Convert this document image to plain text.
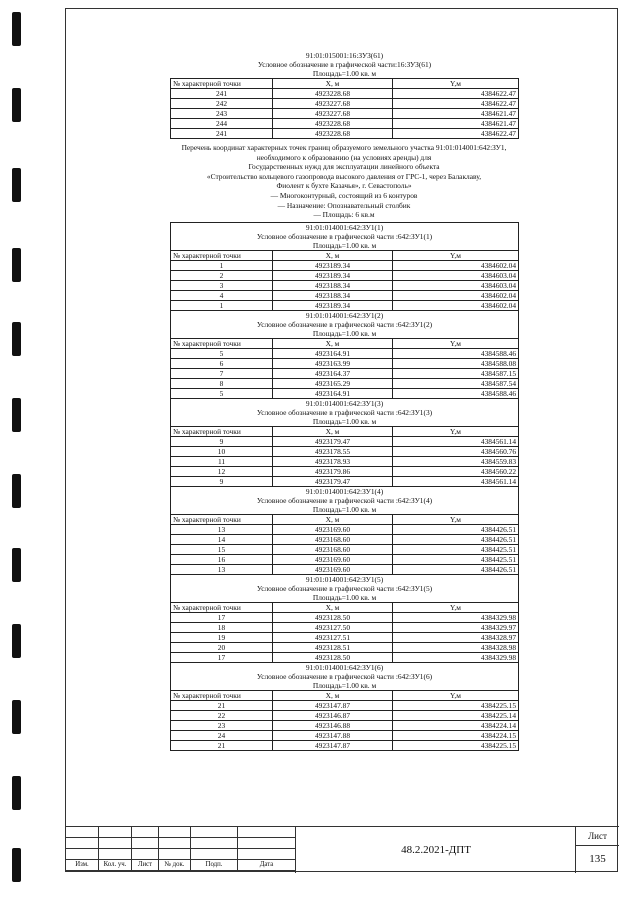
91:01:015001:16:ЗУЗ(61)		
Условное обозначение в графической части:16:ЗУЗ(61)		
Площадь=1.00 кв. м		
№ характерной точки	X, м	Y,м
241	4923228.68	4384622.47
242	4923227.68	4384622.47
243	4923227.68	4384621.47
244	4923228.68	4384621.47
241	4923228.68	4384622.47
Перечень координат характерных точек границ образуемого земельного участка 91:01:014001:642:ЗУ1,
необходимого к образованию (на условиях аренды) для
Государственных нужд для эксплуатации линейного объекта
«Строительство кольцевого газопровода высокого давления от ГРС-1, через Балаклаву,
Фиолент к бухте Казачья», г. Севастополь»
— Многоконтурный, состоящий из 6 контуров
— Назначение: Опознавательный столбик
— Площадь: 6 кв.м
91:01:014001:642:ЗУ1(1)		
Условное обозначение в графической части :642:ЗУ1(1)		
Площадь=1.00 кв. м		
№ характерной точки	X, м	Y,м
1	4923189.34	4384602.04
2	4923189.34	4384603.04
3	4923188.34	4384603.04
4	4923188.34	4384602.04
1	4923189.34	4384602.04
91:01:014001:642:ЗУ1(2)		
Условное обозначение в графической части :642:ЗУ1(2)		
Площадь=1.00 кв. м		
№ характерной точки	X, м	Y,м
5	4923164.91	4384588.46
6	4923163.99	4384588.08
7	4923164.37	4384587.15
8	4923165.29	4384587.54
5	4923164.91	4384588.46
91:01:014001:642:ЗУ1(3)		
Условное обозначение в графической части :642:ЗУ1(3)		
Площадь=1.00 кв. м		
№ характерной точки	X, м	Y,м
9	4923179.47	4384561.14
10	4923178.55	4384560.76
11	4923178.93	4384559.83
12	4923179.86	4384560.22
9	4923179.47	4384561.14
91:01:014001:642:ЗУ1(4)		
Условное обозначение в графической части :642:ЗУ1(4)		
Площадь=1.00 кв. м		
№ характерной точки	X, м	Y,м
13	4923169.60	4384426.51
14	4923168.60	4384426.51
15	4923168.60	4384425.51
16	4923169.60	4384425.51
13	4923169.60	4384426.51
91:01:014001:642:ЗУ1(5)		
Условное обозначение в графической части :642:ЗУ1(5)		
Площадь=1.00 кв. м		
№ характерной точки	X, м	Y,м
17	4923128.50	4384329.98
18	4923127.50	4384329.97
19	4923127.51	4384328.97
20	4923128.51	4384328.98
17	4923128.50	4384329.98
91:01:014001:642:ЗУ1(6)		
Условное обозначение в графической части :642:ЗУ1(6)		
Площадь=1.00 кв. м		
№ характерной точки	X, м	Y,м
21	4923147.87	4384225.15
22	4923146.87	4384225.14
23	4923146.88	4384224.14
24	4923147.88	4384224.15
21	4923147.87	4384225.15

Изм.	Кол. уч.	Лист	№ док.	Подп.	Дата
48.2.2021-ДПТ
Лист
135
